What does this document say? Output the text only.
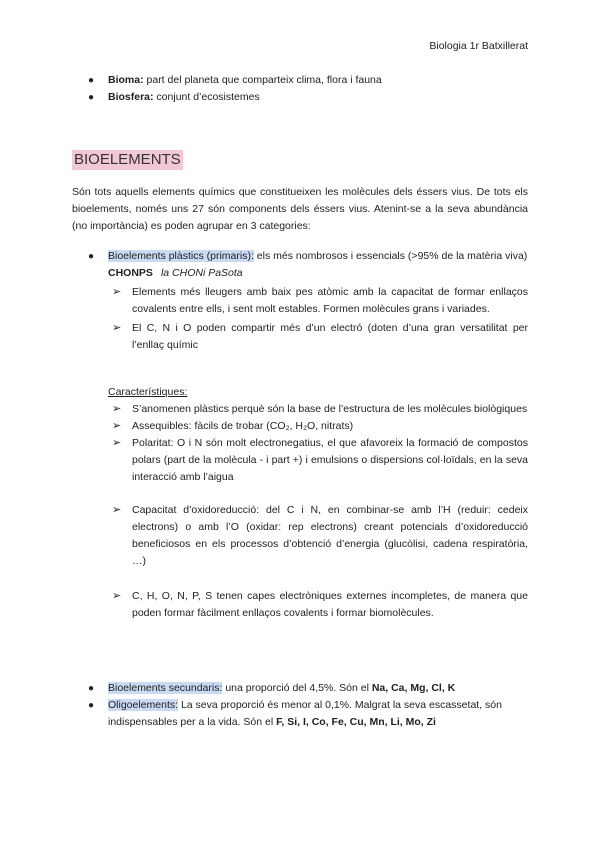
Biologia 1r Batxillerat
● Bioma: part del planeta que comparteix clima, flora i fauna
● Biosfera: conjunt d’ecosistemes
BIOELEMENTS
Són tots aquells elements químics que constitueixen les molècules dels éssers vius. De tots els bioelements, només uns 27 són components dels éssers vius. Atenint-se a la seva abundància (no importància) es poden agrupar en 3 categories:
● Bioelements plàstics (primaris): els més nombrosos i essencials (>95% de la matèria viva) CHONPS la CHONi PaSota
➢ Elements més lleugers amb baix pes atòmic amb la capacitat de formar enllaços covalents entre ells, i sent molt estables. Formen molècules grans i variades.
➢ El C, N i O poden compartir més d’un electró (doten d’una gran versatilitat per l’enllaç químic
Característiques:
➢ S’anomenen plàstics perquè són la base de l’estructura de les molècules biològiques
➢ Assequibles: fàcils de trobar (CO₂, H₂O, nitrats)
➢ Polaritat: O i N són molt electronegatius, el que afavoreix la formació de compostos polars (part de la molècula - i part +) i emulsions o dispersions col·loïdals, en la seva interacció amb l’aigua
➢ Capacitat d’oxidoreducció: del C i N, en combinar-se amb l’H (reduir: cedeix electrons) o amb l’O (oxidar: rep electrons) creant potencials d’oxidoreducció beneficiosos en els processos d’obtenció d’energia (glucòlisi, cadena respiratòria, …)
➢ C, H, O, N, P, S tenen capes electròniques externes incompletes, de manera que poden formar fàcilment enllaços covalents i formar biomolècules.
● Bioelements secundaris: una proporció del 4,5%. Són el Na, Ca, Mg, Cl, K
● Oligoelements: La seva proporció és menor al 0,1%. Malgrat la seva escassetat, són indispensables per a la vida. Són el F, Si, I, Co, Fe, Cu, Mn, Li, Mo, Zi
